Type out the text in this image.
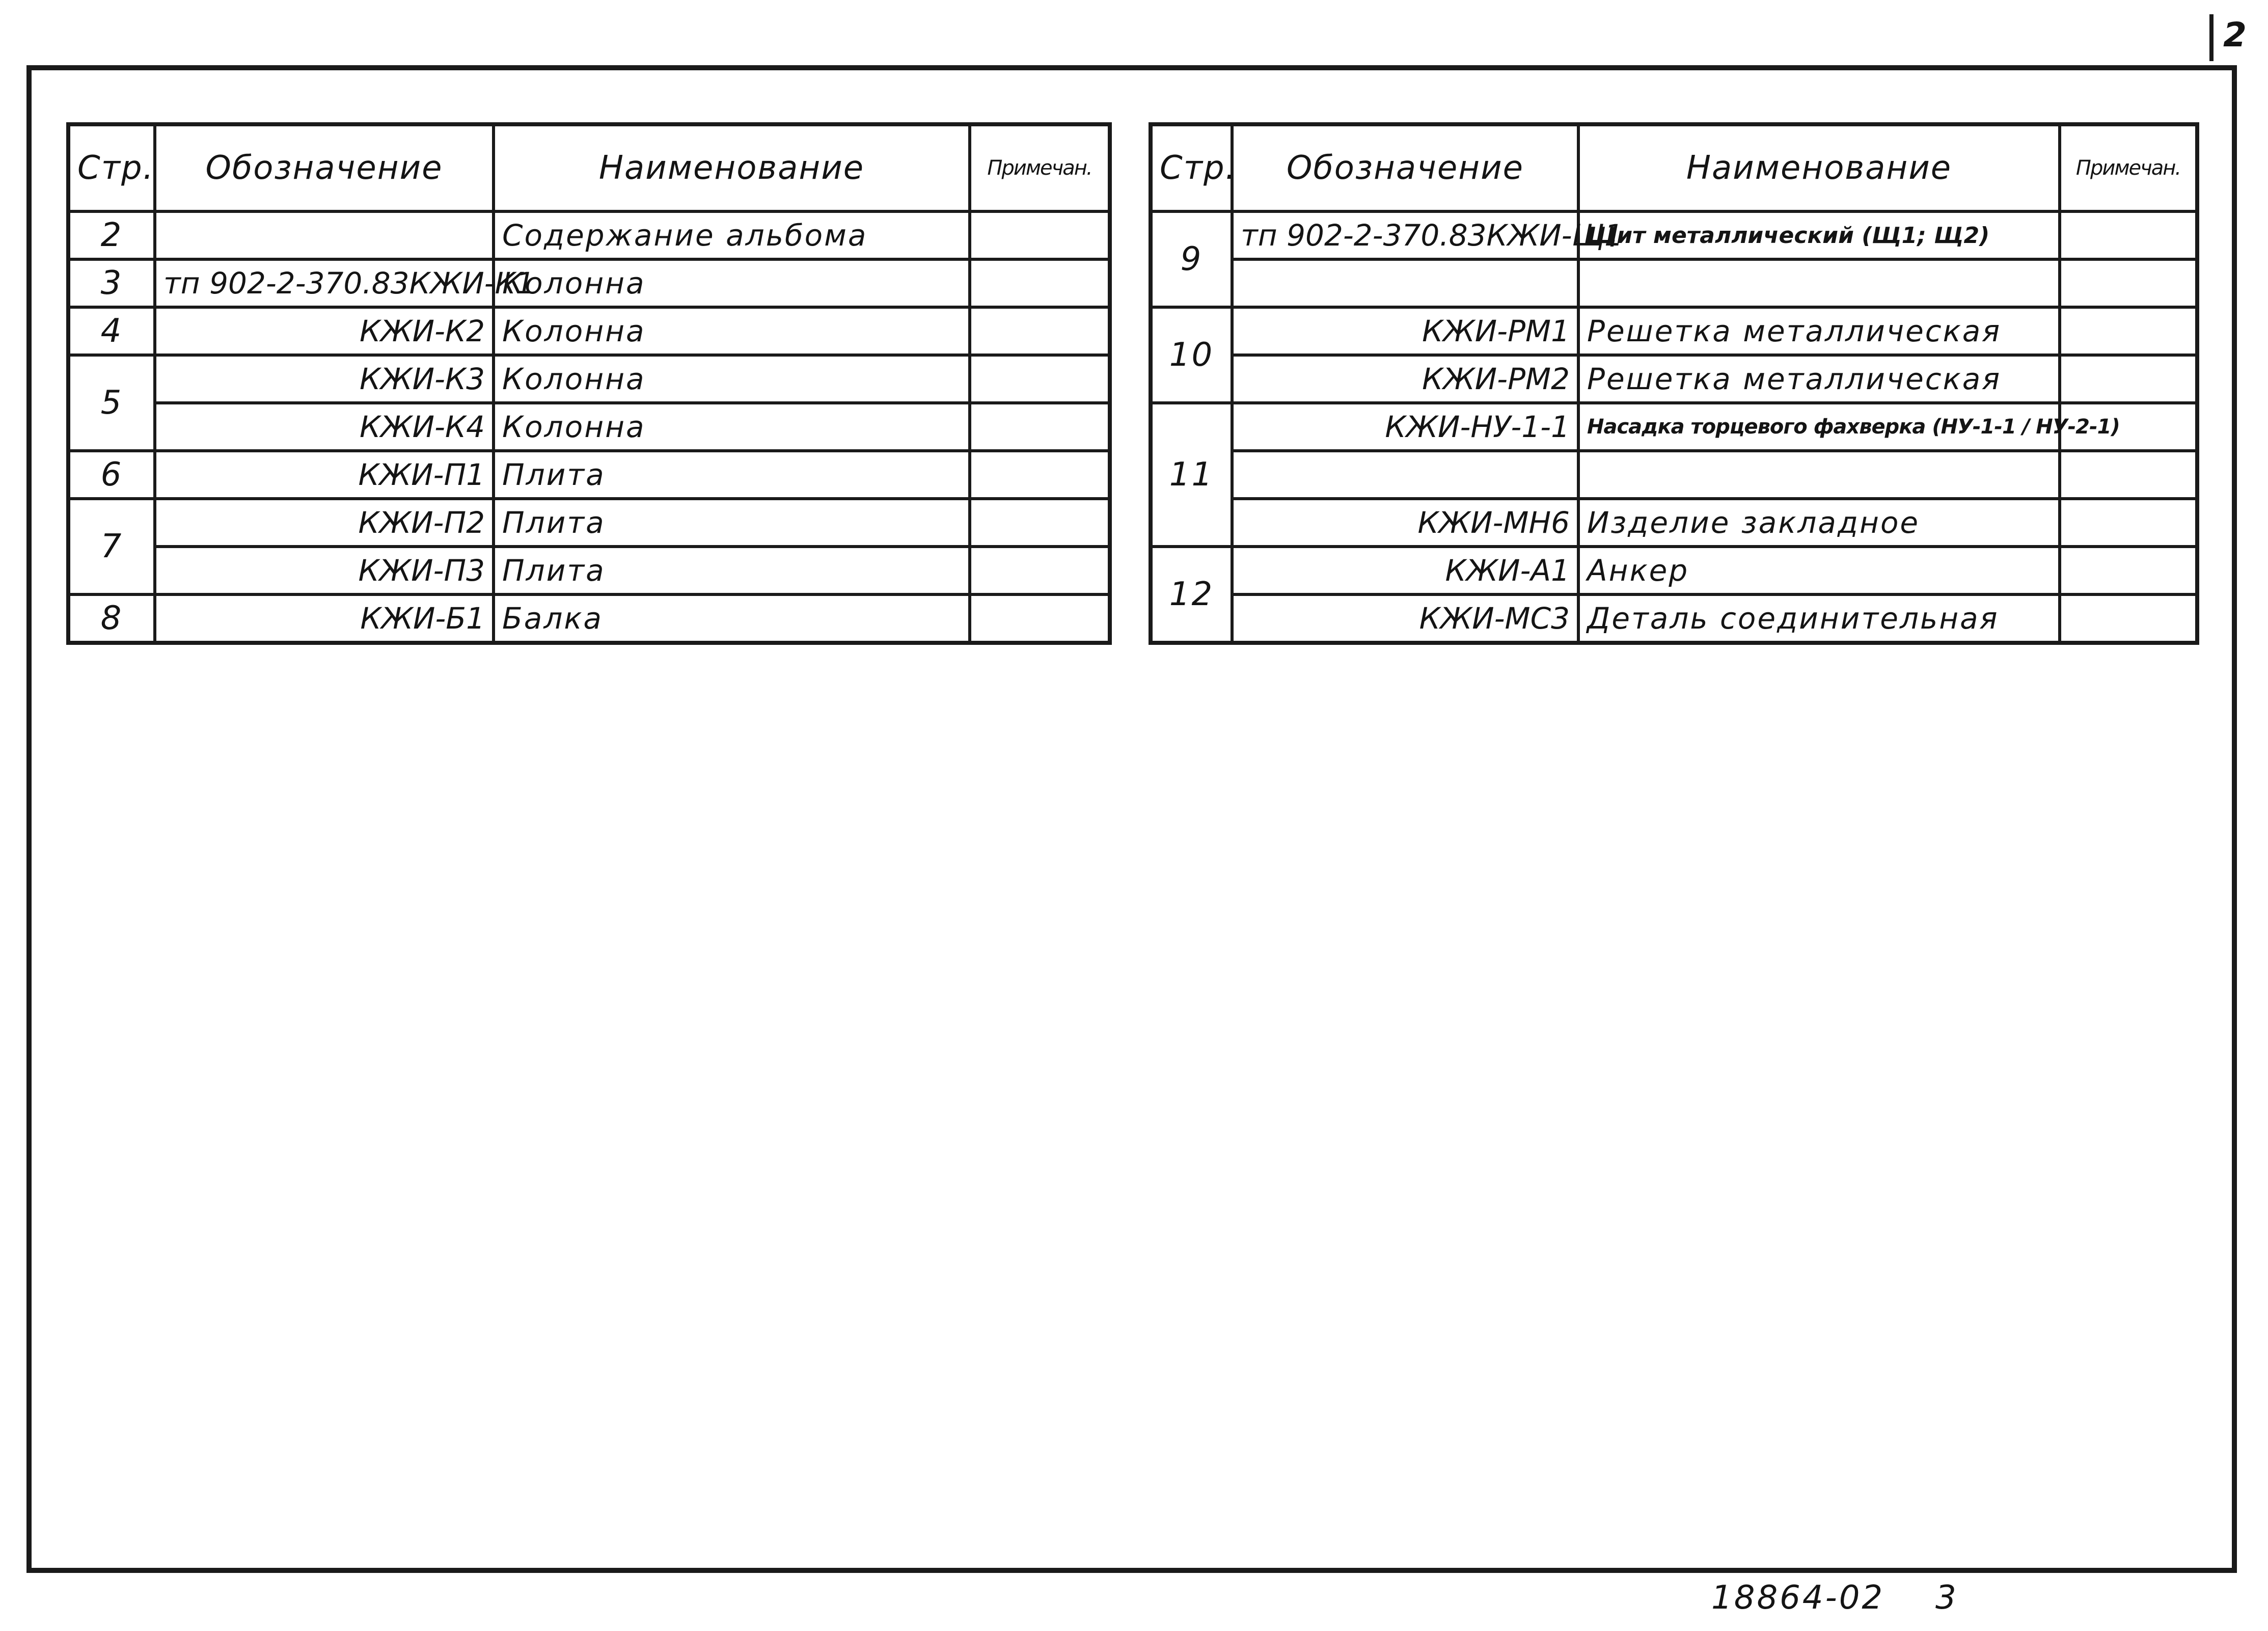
2
Стр.	Обозначение	Наименование	Примечан.
2		Содержание альбома	
3	тп 902-2-370.83КЖИ-К1	Колонна	
4	КЖИ-К2	Колонна	
5	КЖИ-К3	Колонна	
	КЖИ-К4	Колонна	
6	КЖИ-П1	Плита	
7	КЖИ-П2	Плита	
	КЖИ-П3	Плита	
8	КЖИ-Б1	Балка	
Стр.	Обозначение	Наименование	Примечан.
9	тп 902-2-370.83КЖИ-Щ1	Щит металлический (Щ1; Щ2)	

10	КЖИ-РМ1	Решетка металлическая	
	КЖИ-РМ2	Решетка металлическая	
11	КЖИ-НУ-1-1	Насадка торцевого фахверка (НУ-1-1 / НУ-2-1)	

	КЖИ-МН6	Изделие закладное	
12	КЖИ-А1	Анкер	
	КЖИ-МС3	Деталь соединительная	
18864-02 3
